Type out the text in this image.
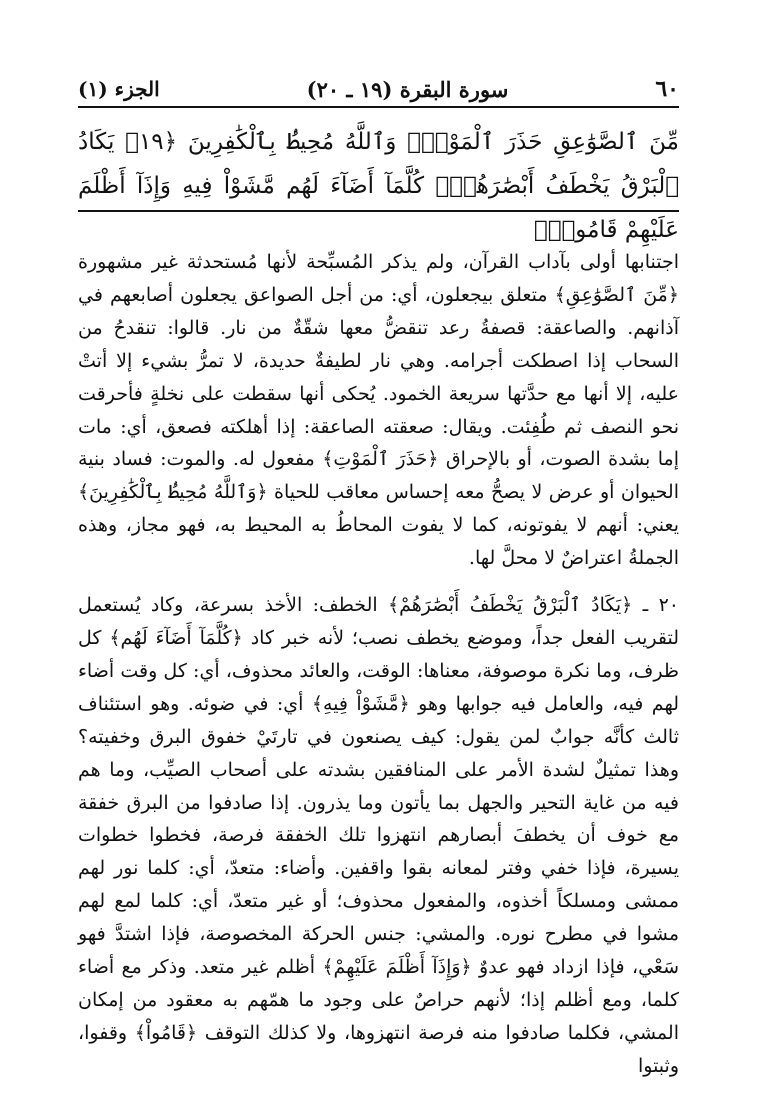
٦٠
سورة البقرة (١٩ ـ ٢٠)
الجزء (١)

مِّنَ ٱلصَّوَٰعِقِ حَذَرَ ٱلْمَوْتِۚ وَٱللَّهُ مُحِيطُۢ بِٱلْكَٰفِرِينَ ﴿١٩﴾ يَكَادُ ٱلْبَرْقُ يَخْطَفُ أَبْصَٰرَهُمْۖ كُلَّمَآ أَضَآءَ لَهُم مَّشَوْاْ فِيهِ وَإِذَآ أَظْلَمَ عَلَيْهِمْ قَامُواْۚ

اجتنابها أولى بآداب القرآن، ولم يذكر المُسبِّحة لأنها مُستحدثة غير مشهورة ﴿مِّنَ ٱلصَّوَٰعِقِ﴾ متعلق بيجعلون، أي: من أجل الصواعق يجعلون أصابعهم في آذانهم. والصاعقة: قصفةُ رعد تنقضُّ معها شقّةٌ من نار. قالوا: تنقدحُ من السحاب إذا اصطكت أجرامه. وهي نار لطيفةٌ حديدة، لا تمرُّ بشيء إلا أتتْ عليه، إلا أنها مع حدَّتها سريعة الخمود. يُحكى أنها سقطت على نخلةٍ فأحرقت نحو النصف ثم طُفِئت. ويقال: صعقته الصاعقة: إذا أهلكته فصعق، أي: مات إما بشدة الصوت، أو بالإحراق ﴿حَذَرَ ٱلْمَوْتِ﴾ مفعول له. والموت: فساد بنية الحيوان أو عرض لا يصحُّ معه إحساس معاقب للحياة ﴿وَٱللَّهُ مُحِيطُۢ بِٱلْكَٰفِرِينَ﴾ يعني: أنهم لا يفوتونه، كما لا يفوت المحاطُ به المحيط به، فهو مجاز، وهذه الجملةُ اعتراضٌ لا محلَّ لها.

٢٠ ـ ﴿يَكَادُ ٱلْبَرْقُ يَخْطَفُ أَبْصَٰرَهُمْ﴾ الخطف: الأخذ بسرعة، وكاد يُستعمل لتقريب الفعل جداً، وموضع يخطف نصب؛ لأنه خبر كاد ﴿كُلَّمَآ أَضَآءَ لَهُم﴾ كل ظرف، وما نكرة موصوفة، معناها: الوقت، والعائد محذوف، أي: كل وقت أضاء لهم فيه، والعامل فيه جوابها وهو ﴿مَّشَوْاْ فِيهِ﴾ أي: في ضوئه. وهو استئناف ثالث كأنَّه جوابٌ لمن يقول: كيف يصنعون في تارتَيْ خفوق البرق وخفيته؟ وهذا تمثيلٌ لشدة الأمر على المنافقين بشدته على أصحاب الصيِّب، وما هم فيه من غاية التحير والجهل بما يأتون وما يذرون. إذا صادفوا من البرق خفقة مع خوف أن يخطفَ أبصارهم انتهزوا تلك الخفقة فرصة، فخطوا خطوات يسيرة، فإذا خفي وفتر لمعانه بقوا واقفين. وأضاء: متعدّ، أي: كلما نور لهم ممشى ومسلكاً أخذوه، والمفعول محذوف؛ أو غير متعدّ، أي: كلما لمع لهم مشوا في مطرح نوره. والمشي: جنس الحركة المخصوصة، فإذا اشتدَّ فهو سَعْي، فإذا ازداد فهو عدوٌ ﴿وَإِذَآ أَظْلَمَ عَلَيْهِمْ﴾ أظلم غير متعد. وذكر مع أضاء كلما، ومع أظلم إذا؛ لأنهم حراصٌ على وجود ما همّهم به معقود من إمكان المشي، فكلما صادفوا منه فرصة انتهزوها، ولا كذلك التوقف ﴿قَامُواْ﴾ وقفوا، وثبتوا
